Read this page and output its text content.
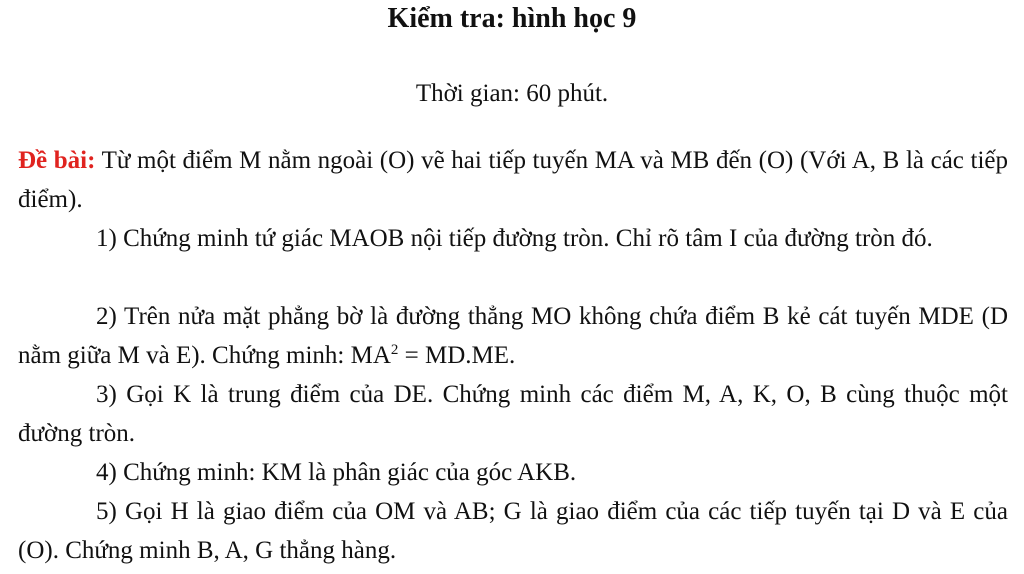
Kiểm tra: hình học 9
Thời gian: 60 phút.
Đề bài: Từ một điểm M nằm ngoài (O) vẽ hai tiếp tuyến MA và MB đến (O) (Với A, B là các tiếp điểm).
1) Chứng minh tứ giác MAOB nội tiếp đường tròn. Chỉ rõ tâm I của đường tròn đó.
2) Trên nửa mặt phẳng bờ là đường thẳng MO không chứa điểm B kẻ cát tuyến MDE (D nằm giữa M và E). Chứng minh: $MA^2 = MD.ME$.
3) Gọi K là trung điểm của DE. Chứng minh các điểm M, A, K, O, B cùng thuộc một đường tròn.
4) Chứng minh: KM là phân giác của góc AKB.
5) Gọi H là giao điểm của OM và AB; G là giao điểm của các tiếp tuyến tại D và E của (O). Chứng minh B, A, G thẳng hàng.
